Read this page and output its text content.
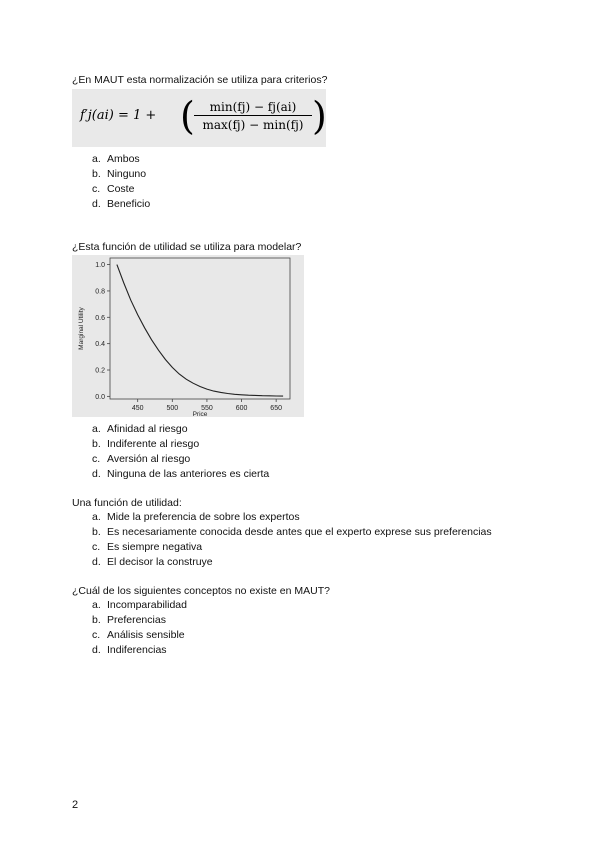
¿En MAUT esta normalización se utiliza para criterios?

f′j(ai) = 1 + (	min(fj) − fj(ai)
max(fj) − min(fj) )
a. Ambos
b. Ninguno
c. Coste
d. Beneficio

¿Esta función de utilidad se utiliza para modelar?

450	500	550	600	650
0.0
0.2
0.4
0.6
0.8
1.0
Price
Marginal Utility
a. Afinidad al riesgo
b. Indiferente al riesgo
c. Aversión al riesgo
d. Ninguna de las anteriores es cierta

Una función de utilidad:

a. Mide la preferencia de sobre los expertos
b. Es necesariamente conocida desde antes que el experto exprese sus preferencias
c. Es siempre negativa
d. El decisor la construye

¿Cuál de los siguientes conceptos no existe en MAUT?

a. Incomparabilidad
b. Preferencias
c. Análisis sensible
d. Indiferencias
2
